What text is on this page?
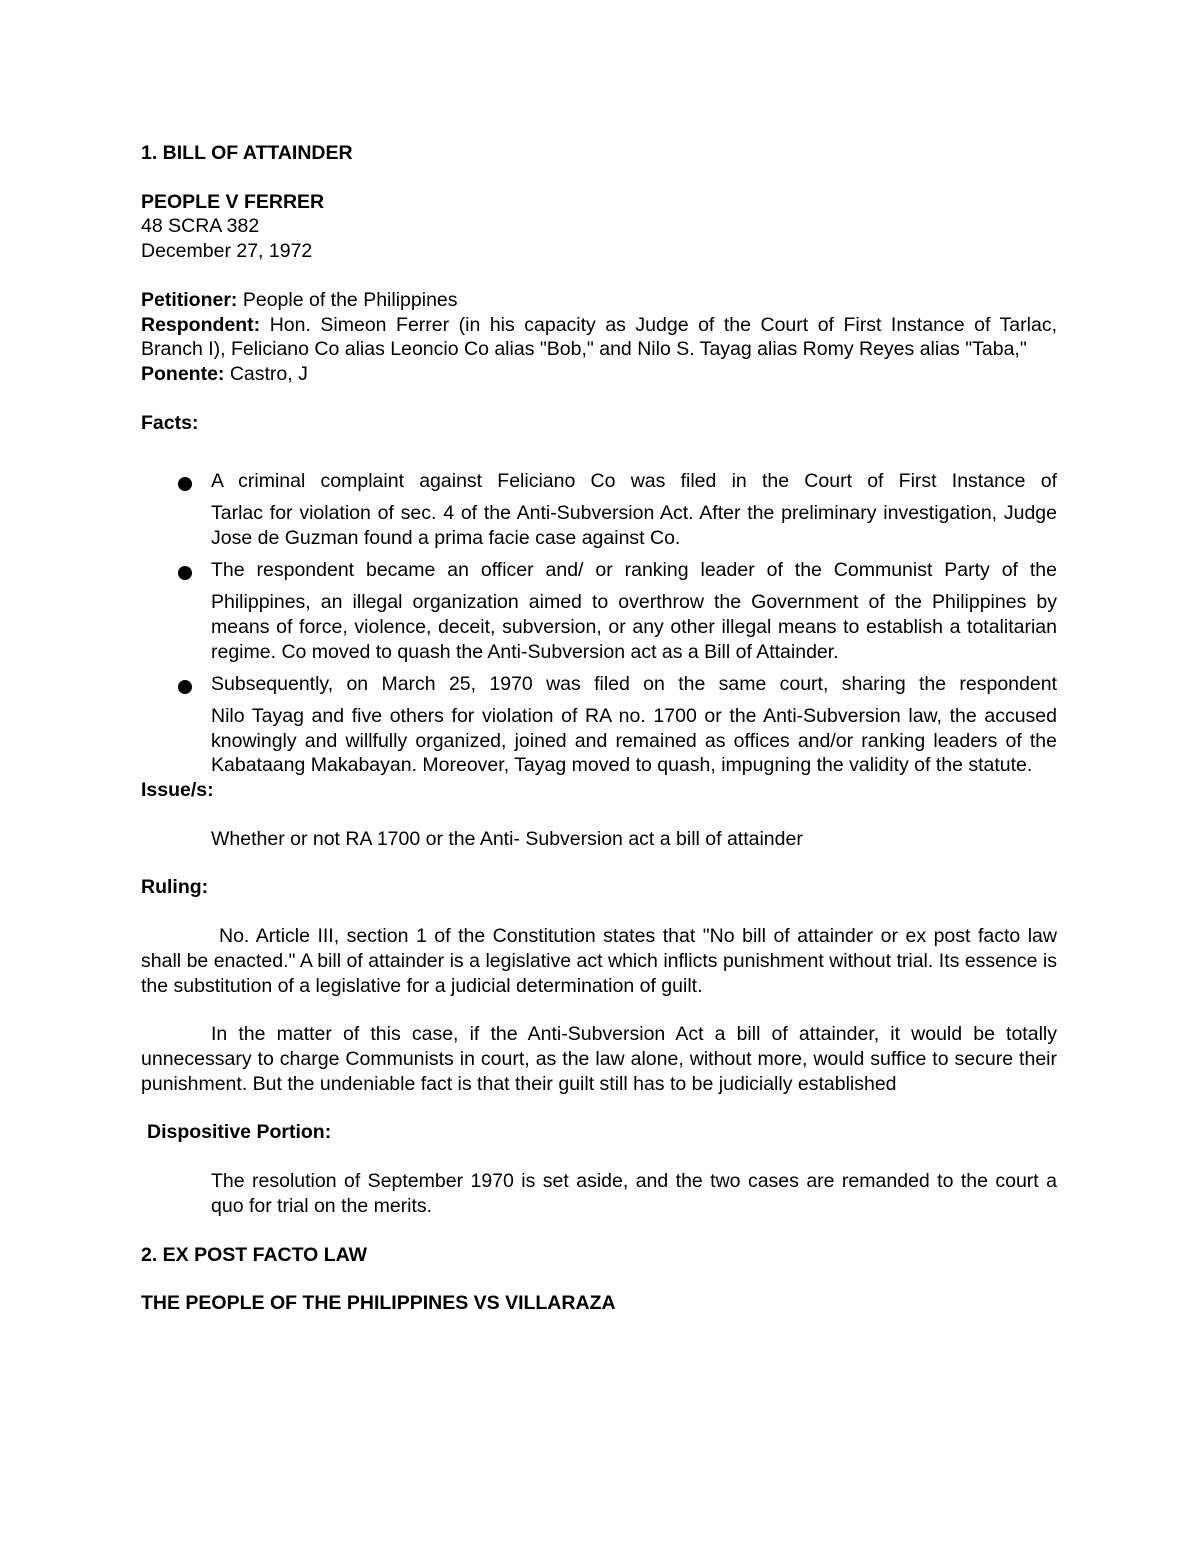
1. BILL OF ATTAINDER

PEOPLE V FERRER

48 SCRA 382

December 27, 1972

Petitioner: People of the Philippines

Respondent: Hon. Simeon Ferrer (in his capacity as Judge of the Court of First Instance of Tarlac, Branch I), Feliciano Co alias Leoncio Co alias "Bob," and Nilo S. Tayag alias Romy Reyes alias "Taba,"

Ponente: Castro, J

Facts:

A criminal complaint against Feliciano Co was filed in the Court of First Instance of
Tarlac for violation of sec. 4 of the Anti-Subversion Act. After the preliminary investigation, Judge Jose de Guzman found a prima facie case against Co.
The respondent became an officer and/ or ranking leader of the Communist Party of the
Philippines, an illegal organization aimed to overthrow the Government of the Philippines by means of force, violence, deceit, subversion, or any other illegal means to establish a totalitarian regime. Co moved to quash the Anti-Subversion act as a Bill of Attainder.
Subsequently, on March 25, 1970 was filed on the same court, sharing the respondent
Nilo Tayag and five others for violation of RA no. 1700 or the Anti-Subversion law, the accused knowingly and willfully organized, joined and remained as offices and/or ranking leaders of the Kabataang Makabayan. Moreover, Tayag moved to quash, impugning the validity of the statute.

Issue/s:

Whether or not RA 1700 or the Anti- Subversion act a bill of attainder

Ruling:

No. Article III, section 1 of the Constitution states that "No bill of attainder or ex post facto law shall be enacted." A bill of attainder is a legislative act which inflicts punishment without trial. Its essence is the substitution of a legislative for a judicial determination of guilt.

In the matter of this case, if the Anti-Subversion Act a bill of attainder, it would be totally unnecessary to charge Communists in court, as the law alone, without more, would suffice to secure their punishment. But the undeniable fact is that their guilt still has to be judicially established

Dispositive Portion:

The resolution of September 1970 is set aside, and the two cases are remanded to the court a quo for trial on the merits.

2. EX POST FACTO LAW

THE PEOPLE OF THE PHILIPPINES VS VILLARAZA
